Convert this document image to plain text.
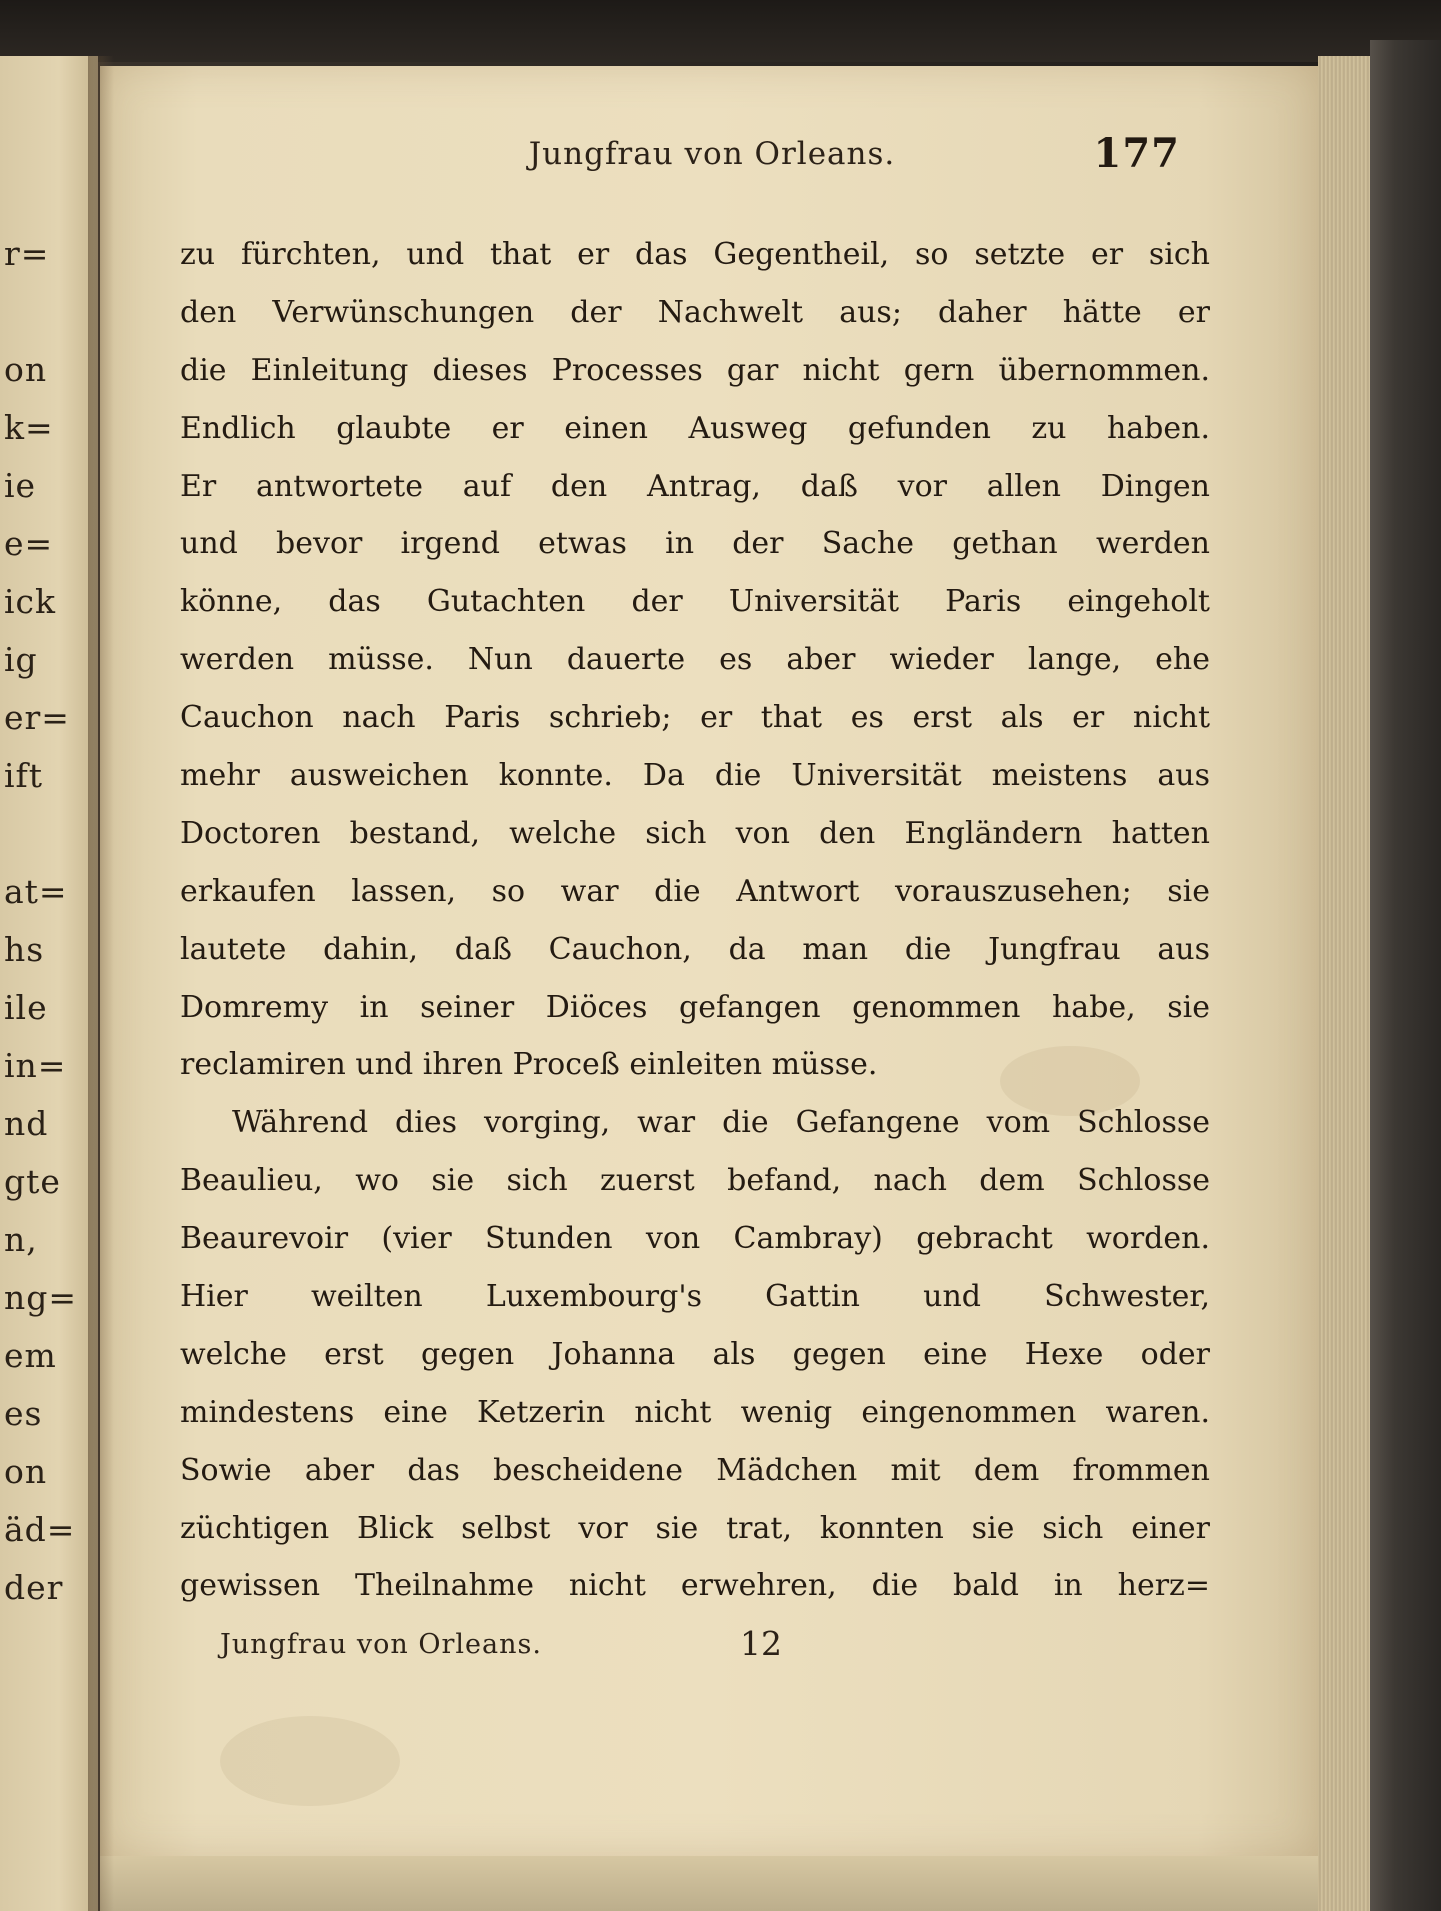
r=
on
k=
ie
e=
ick
ig
er=
ift
at=
hs
ile
in=
nd
gte
n,
ng=
em
es
on
äd=
der
Jungfrau von Orleans.	177
zu fürchten, und that er das Gegentheil, so setzte er sich
den Verwünschungen der Nachwelt aus; daher hätte er
die Einleitung dieses Processes gar nicht gern übernommen.
Endlich glaubte er einen Ausweg gefunden zu haben.
Er antwortete auf den Antrag, daß vor allen Dingen
und bevor irgend etwas in der Sache gethan werden
könne, das Gutachten der Universität Paris eingeholt
werden müsse. Nun dauerte es aber wieder lange, ehe
Cauchon nach Paris schrieb; er that es erst als er nicht
mehr ausweichen konnte. Da die Universität meistens aus
Doctoren bestand, welche sich von den Engländern hatten
erkaufen lassen, so war die Antwort vorauszusehen; sie
lautete dahin, daß Cauchon, da man die Jungfrau aus
Domremy in seiner Diöces gefangen genommen habe, sie
reclamiren und ihren Proceß einleiten müsse.
Während dies vorging, war die Gefangene vom Schlosse
Beaulieu, wo sie sich zuerst befand, nach dem Schlosse
Beaurevoir (vier Stunden von Cambray) gebracht worden.
Hier weilten Luxembourg's Gattin und Schwester,
welche erst gegen Johanna als gegen eine Hexe oder
mindestens eine Ketzerin nicht wenig eingenommen waren.
Sowie aber das bescheidene Mädchen mit dem frommen
züchtigen Blick selbst vor sie trat, konnten sie sich einer
gewissen Theilnahme nicht erwehren, die bald in herz=
Jungfrau von Orleans.	12
